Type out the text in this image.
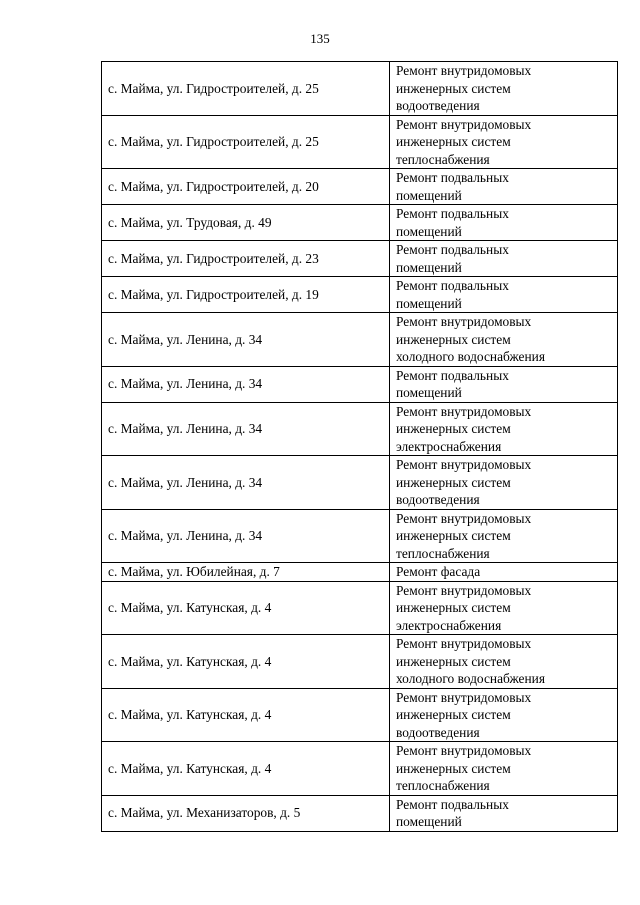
135
с. Майма, ул. Гидростроителей, д. 25	Ремонт внутридомовых
инженерных систем
водоотведения

с. Майма, ул. Гидростроителей, д. 25	Ремонт внутридомовых
инженерных систем
теплоснабжения

с. Майма, ул. Гидростроителей, д. 20	Ремонт подвальных
помещений

с. Майма, ул. Трудовая, д. 49	Ремонт подвальных
помещений

с. Майма, ул. Гидростроителей, д. 23	Ремонт подвальных
помещений

с. Майма, ул. Гидростроителей, д. 19	Ремонт подвальных
помещений

с. Майма, ул. Ленина, д. 34	Ремонт внутридомовых
инженерных систем
холодного водоснабжения

с. Майма, ул. Ленина, д. 34	Ремонт подвальных
помещений

с. Майма, ул. Ленина, д. 34	Ремонт внутридомовых
инженерных систем
электроснабжения

с. Майма, ул. Ленина, д. 34	Ремонт внутридомовых
инженерных систем
водоотведения

с. Майма, ул. Ленина, д. 34	Ремонт внутридомовых
инженерных систем
теплоснабжения

с. Майма, ул. Юбилейная, д. 7	Ремонт фасада

с. Майма, ул. Катунская, д. 4	Ремонт внутридомовых
инженерных систем
электроснабжения

с. Майма, ул. Катунская, д. 4	Ремонт внутридомовых
инженерных систем
холодного водоснабжения

с. Майма, ул. Катунская, д. 4	Ремонт внутридомовых
инженерных систем
водоотведения

с. Майма, ул. Катунская, д. 4	Ремонт внутридомовых
инженерных систем
теплоснабжения

с. Майма, ул. Механизаторов, д. 5	Ремонт подвальных
помещений
